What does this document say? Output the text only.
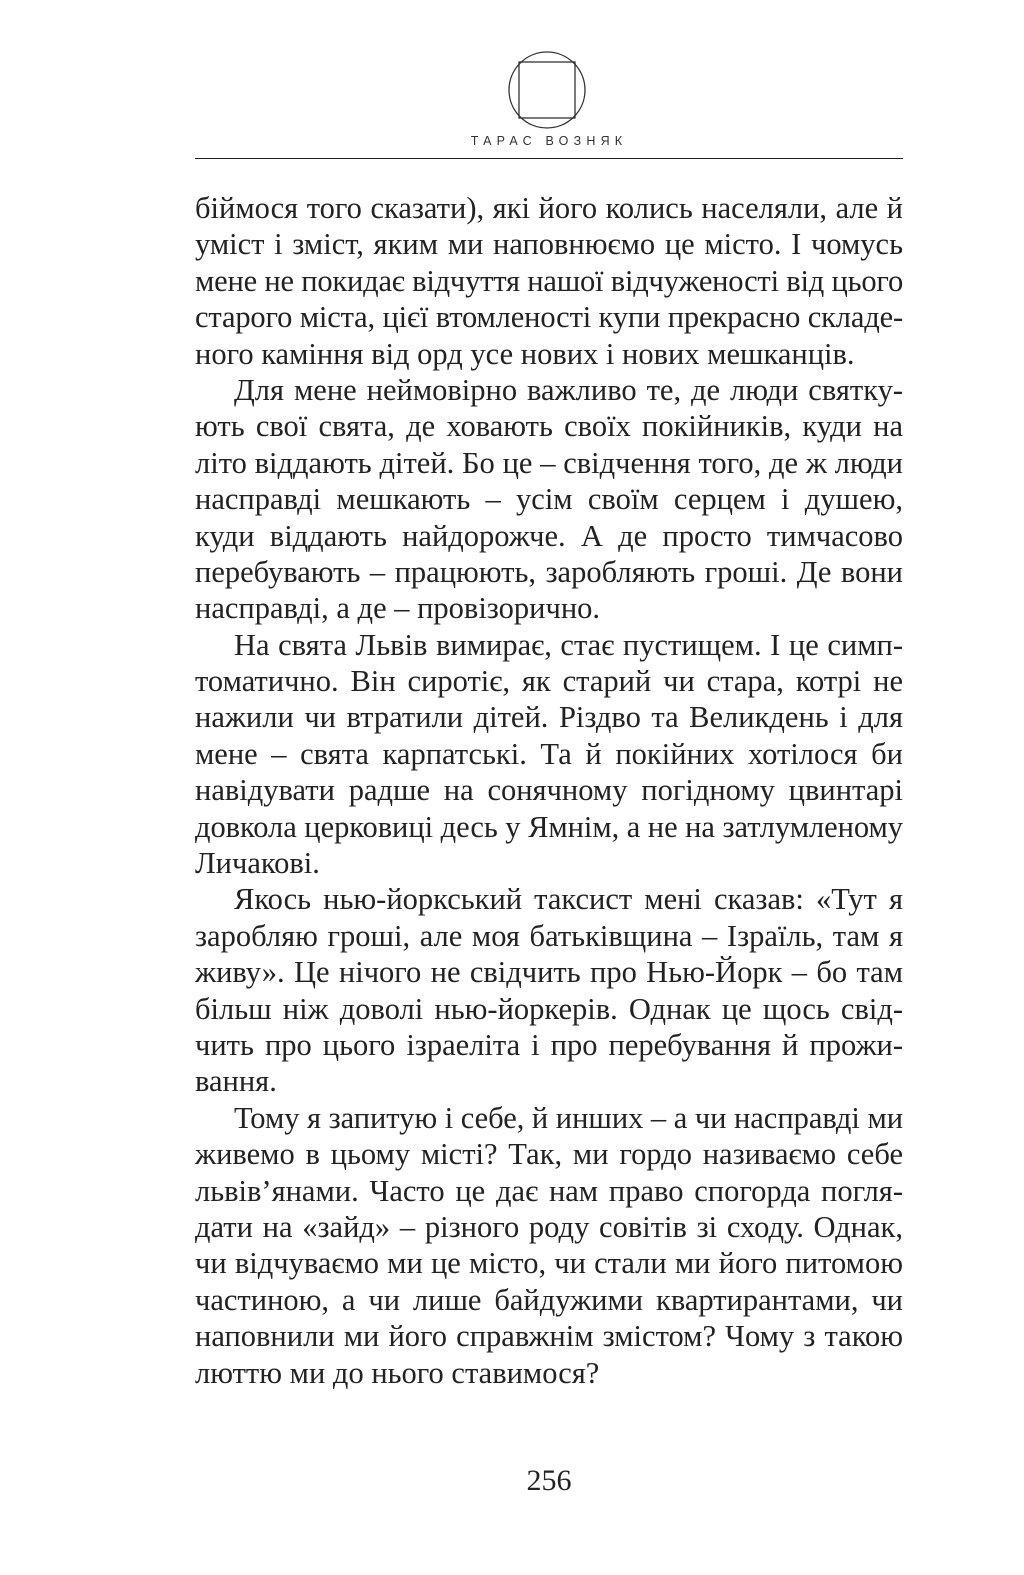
ТАРАС ВОЗНЯК
біймося того сказати), які його колись населяли, але й
уміст і зміст, яким ми наповнюємо це місто. І чомусь
мене не покидає відчуття нашої відчуженості від цього
старого міста, цієї втомленості купи прекрасно складе-
ного каміння від орд усе нових і нових мешканців.
Для мене неймовірно важливо те, де люди святку-
ють свої свята, де ховають своїх покійників, куди на
літо віддають дітей. Бо це – свідчення того, де ж люди
насправді мешкають – усім своїм серцем і душею,
куди віддають найдорожче. А де просто тимчасово
перебувають – працюють, заробляють гроші. Де вони
насправді, а де – провізорично.
На свята Львів вимирає, стає пустищем. І це симп-
томатично. Він сиротіє, як старий чи стара, котрі не
нажили чи втратили дітей. Різдво та Великдень і для
мене – свята карпатські. Та й покійних хотілося би
навідувати радше на сонячному погідному цвинтарі
довкола церковиці десь у Ямнім, а не на затлумленому
Личакові.
Якось нью-йоркський таксист мені сказав: «Тут я
заробляю гроші, але моя батьківщина – Ізраїль, там я
живу». Це нічого не свідчить про Нью-Йорк – бо там
більш ніж доволі нью-йоркерів. Однак це щось свід-
чить про цього ізраеліта і про перебування й прожи-
вання.
Тому я запитую і себе, й инших – а чи насправді ми
живемо в цьому місті? Так, ми гордо називаємо себе
львів’янами. Часто це дає нам право спогорда погля-
дати на «зайд» – різного роду совітів зі сходу. Однак,
чи відчуваємо ми це місто, чи стали ми його питомою
частиною, а чи лише байдужими квартирантами, чи
наповнили ми його справжнім змістом? Чому з такою
люттю ми до нього ставимося?
256
